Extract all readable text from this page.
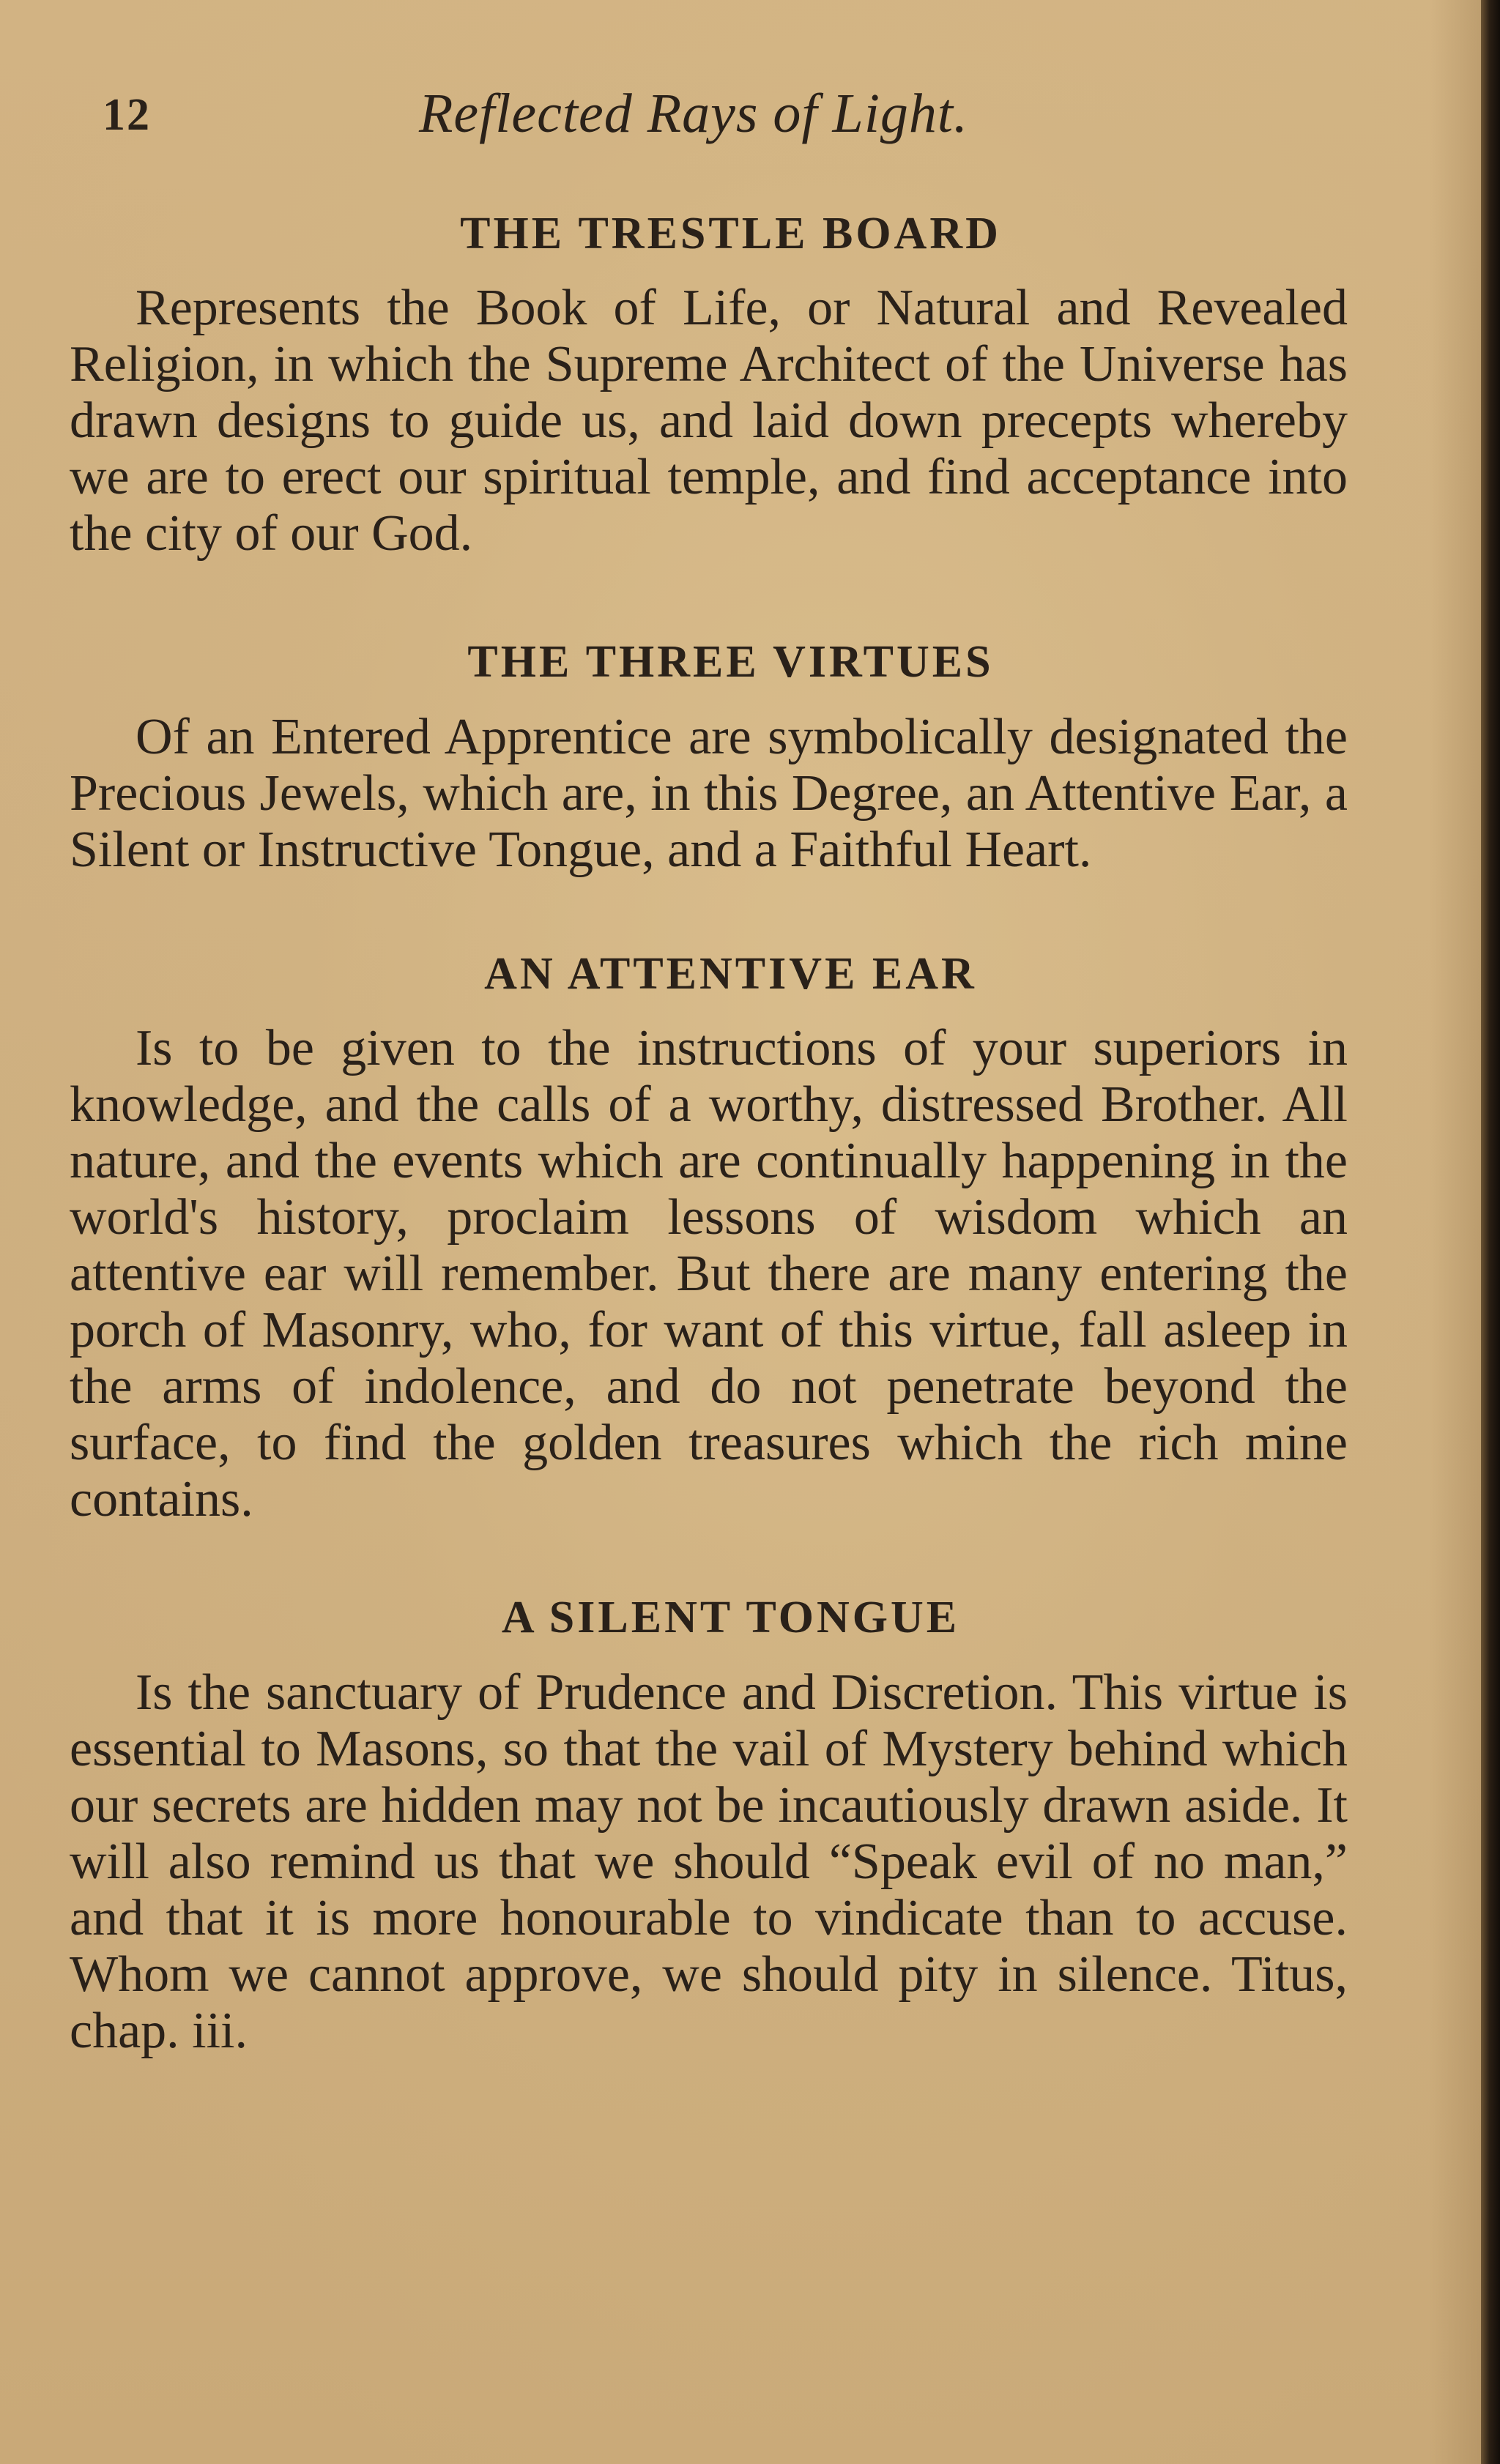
12	Reflected Rays of Light.
THE TRESTLE BOARD

Represents the Book of Life, or Natural and Revealed Religion, in which the Supreme Architect of the Universe has drawn designs to guide us, and laid down precepts whereby we are to erect our spiritual temple, and find acceptance into the city of our God.

THE THREE VIRTUES

Of an Entered Apprentice are symbolically designated the Precious Jewels, which are, in this Degree, an Attentive Ear, a Silent or Instructive Tongue, and a Faithful Heart.

AN ATTENTIVE EAR

Is to be given to the instructions of your superiors in knowledge, and the calls of a worthy, distressed Brother. All nature, and the events which are continually happening in the world's history, proclaim lessons of wisdom which an attentive ear will remember. But there are many entering the porch of Masonry, who, for want of this virtue, fall asleep in the arms of indolence, and do not penetrate beyond the surface, to find the golden treasures which the rich mine contains.

A SILENT TONGUE

Is the sanctuary of Prudence and Discretion. This virtue is essential to Masons, so that the vail of Mystery behind which our secrets are hidden may not be incautiously drawn aside. It will also remind us that we should “Speak evil of no man,” and that it is more honourable to vindicate than to accuse. Whom we cannot approve, we should pity in silence. Titus, chap. iii.
